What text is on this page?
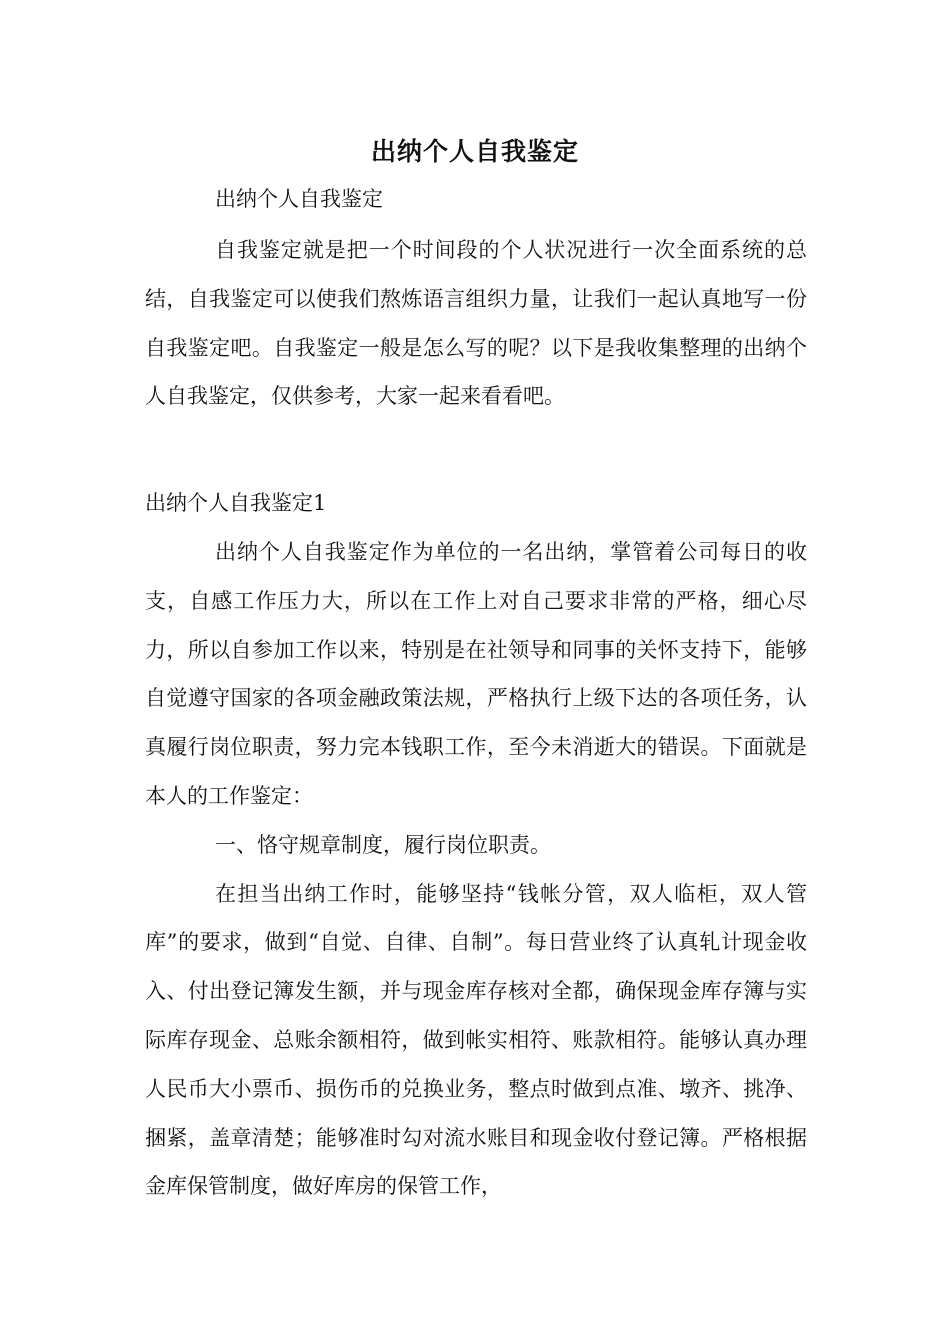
出纳个人自我鉴定

出纳个人自我鉴定

自我鉴定就是把一个时间段的个人状况进行一次全面系统的总结，自我鉴定可以使我们熬炼语言组织力量，让我们一起认真地写一份自我鉴定吧。自我鉴定一般是怎么写的呢？以下是我收集整理的出纳个人自我鉴定，仅供参考，大家一起来看看吧。

出纳个人自我鉴定1

出纳个人自我鉴定作为单位的一名出纳，掌管着公司每日的收支，自感工作压力大，所以在工作上对自己要求非常的严格，细心尽力，所以自参加工作以来，特别是在社领导和同事的关怀支持下，能够自觉遵守国家的各项金融政策法规，严格执行上级下达的各项任务，认真履行岗位职责，努力完本钱职工作，至今未消逝大的错误。下面就是本人的工作鉴定：

一、恪守规章制度，履行岗位职责。

在担当出纳工作时，能够坚持“钱帐分管，双人临柜，双人管库”的要求，做到“自觉、自律、自制”。每日营业终了认真轧计现金收入、付出登记簿发生额，并与现金库存核对全都，确保现金库存簿与实际库存现金、总账余额相符，做到帐实相符、账款相符。能够认真办理人民币大小票币、损伤币的兑换业务，整点时做到点准、墩齐、挑净、捆紧，盖章清楚；能够准时勾对流水账目和现金收付登记簿。严格根据金库保管制度，做好库房的保管工作，
